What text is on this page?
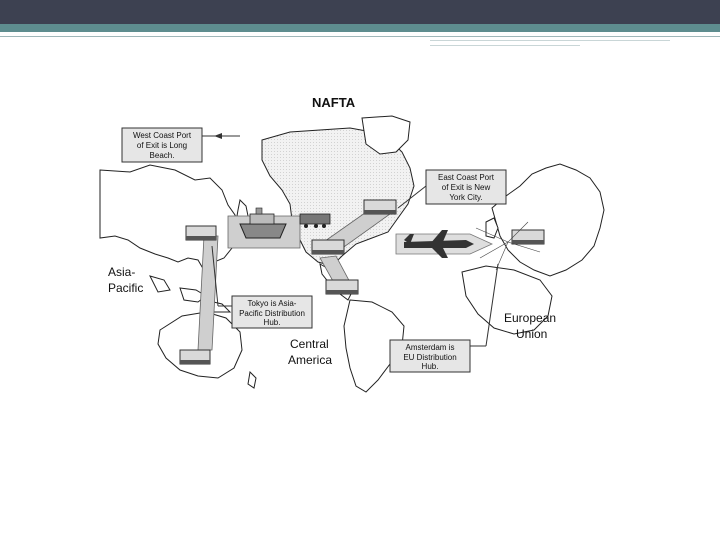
NAFTA
Asia-
Pacific
Central
America
European
Union
West Coast Port
of Exit is Long
Beach.
East Coast Port
of Exit is New
York City.
Tokyo is Asia-
Pacific Distribution
Hub.
Amsterdam is
EU Distribution
Hub.
